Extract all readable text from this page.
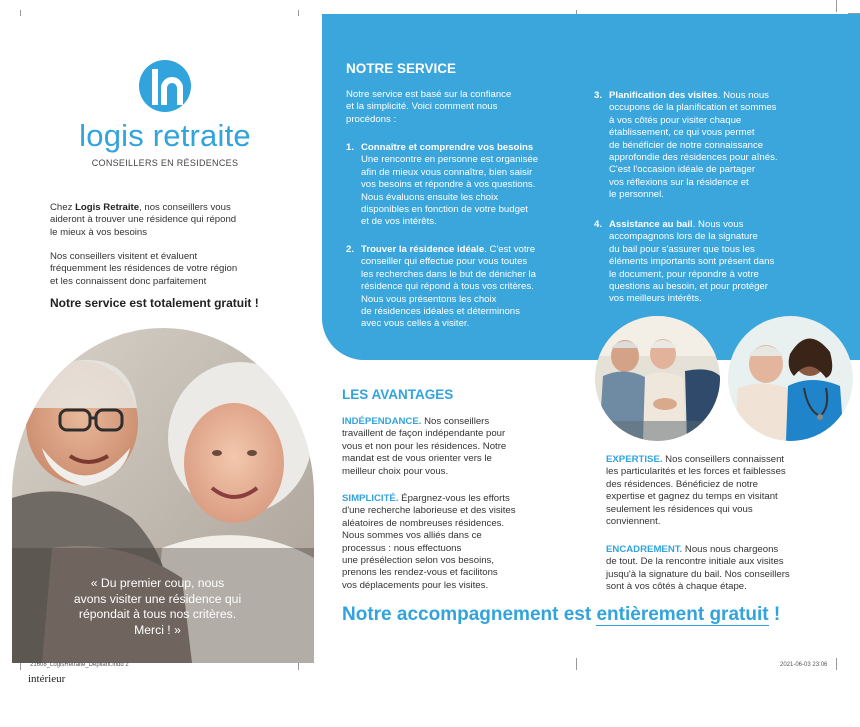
logis retraite
CONSEILLERS EN RÉSIDENCES
Chez Logis Retraite, nos conseillers vous
aideront à trouver une résidence qui répond
le mieux à vos besoins
Nos conseillers visitent et évaluent
fréquemment les résidences de votre région
et les connaissent donc parfaitement
Notre service est totalement gratuit !
« Du premier coup, nous
avons visiter une résidence qui
répondait à tous nos critères.
Merci ! »
NOTRE SERVICE
Notre service est basé sur la confiance
et la simplicité. Voici comment nous
procédons :
1. Connaître et comprendre vos besoins
Une rencontre en personne est organisée
afin de mieux vous connaître, bien saisir
vos besoins et répondre à vos questions.
Nous évaluons ensuite les choix
disponibles en fonction de votre budget
et de vos intérêts.
2. Trouver la résidence idéale. C'est votre
conseiller qui effectue pour vous toutes
les recherches dans le but de dénicher la
résidence qui répond à tous vos critères.
Nous vous présentons les choix
de résidences idéales et déterminons
avec vous celles à visiter.
3. Planification des visites. Nous nous
occupons de la planification et sommes
à vos côtés pour visiter chaque
établissement, ce qui vous permet
de bénéficier de notre connaissance
approfondie des résidences pour aînés.
C'est l'occasion idéale de partager
vos réflexions sur la résidence et
le personnel.
4. Assistance au bail. Nous vous
accompagnons lors de la signature
du bail pour s'assurer que tous les
éléments importants sont présent dans
le document, pour répondre à votre
questions au besoin, et pour protéger
vos meilleurs intérêts.
LES AVANTAGES
INDÉPENDANCE. Nos conseillers
travaillent de façon indépendante pour
vous et non pour les résidences. Notre
mandat est de vous orienter vers le
meilleur choix pour vous.
SIMPLICITÉ. Épargnez-vous les efforts
d'une recherche laborieuse et des visites
aléatoires de nombreuses résidences.
Nous sommes vos alliés dans ce
processus : nous effectuons
une présélection selon vos besoins,
prenons les rendez-vous et facilitons
vos déplacements pour les visites.
EXPERTISE. Nos conseillers connaissent
les particularités et les forces et faiblesses
des résidences. Bénéficiez de notre
expertise et gagnez du temps en visitant
seulement les résidences qui vous
conviennent.
ENCADREMENT. Nous nous chargeons
de tout. De la rencontre initiale aux visites
jusqu'à la signature du bail. Nos conseillers
sont à vos côtés à chaque étape.
Notre accompagnement est entièrement gratuit !
21608_LogisRetraite_Depliant.indd 2	2021-06-03 23:06
intérieur
